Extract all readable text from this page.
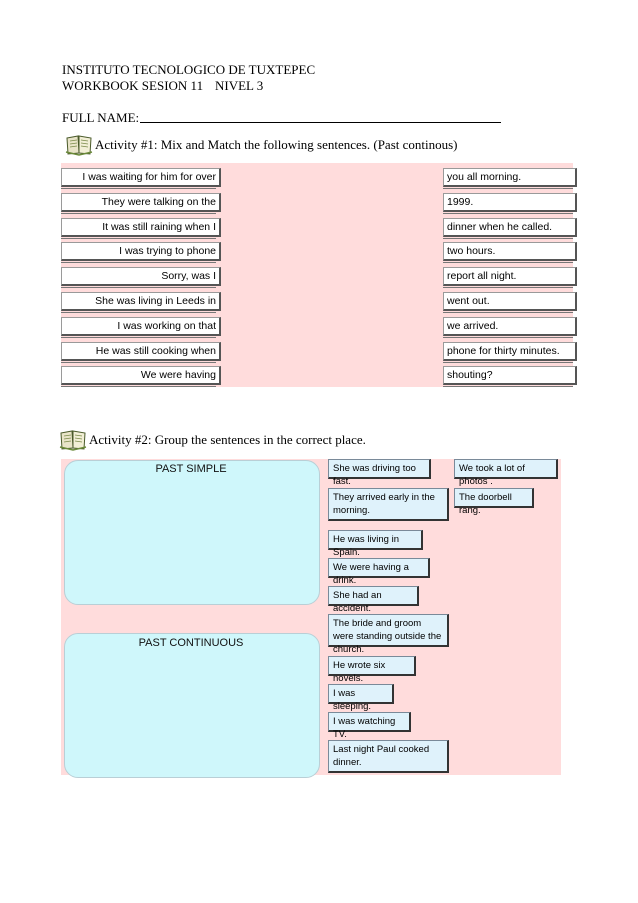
INSTITUTO TECNOLOGICO DE TUXTEPEC
WORKBOOK SESION 11 NIVEL 3
FULL NAME:
Activity #1: Mix and Match the following sentences. (Past continous)
I was waiting for him for over	you all morning.
They were talking on the	1999.
It was still raining when I	dinner when he called.
I was trying to phone	two hours.
Sorry, was I	report all night.
She was living in Leeds in	went out.
I was working on that	we arrived.
He was still cooking when	phone for thirty minutes.
We were having	shouting?
Activity #2: Group the sentences in the correct place.
PAST SIMPLE
PAST CONTINUOUS
She was driving too fast.
We took a lot of photos .
They arrived early in the morning.
The doorbell rang.
He was living in Spain.
We were having a drink.
She had an accident.
The bride and groom were standing outside the church.
He wrote six novels.
I was sleeping.
I was watching TV.
Last night Paul cooked dinner.
